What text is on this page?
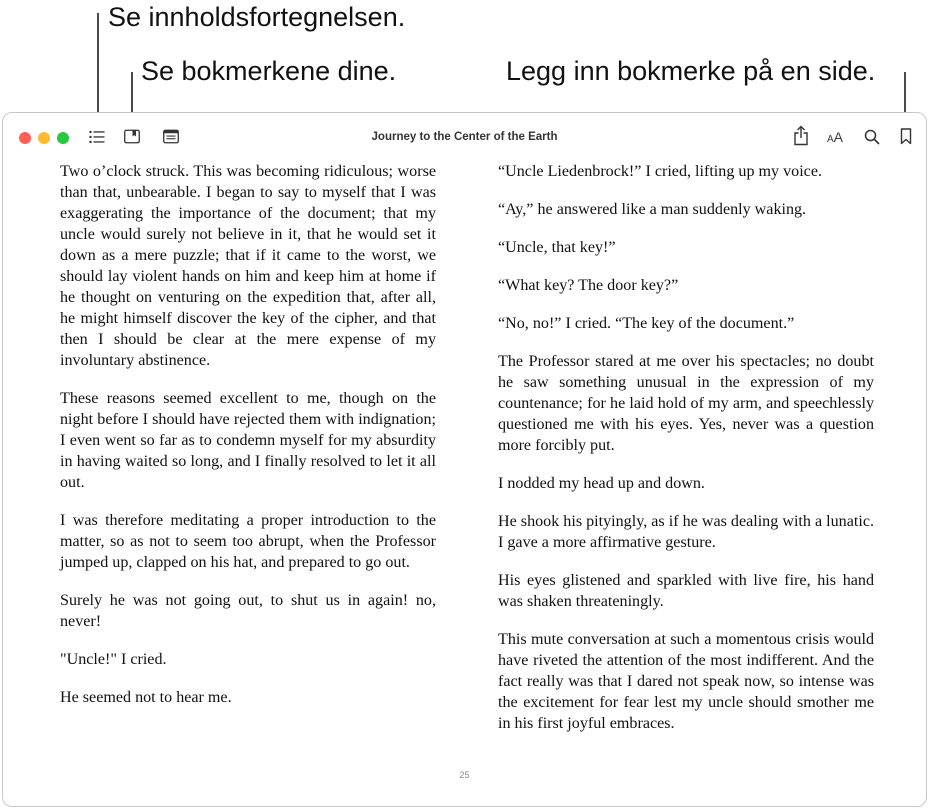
Se innholdsfortegnelsen.
Se bokmerkene dine.	Legg inn bokmerke på en side.
Journey to the Center of the Earth	AA

Two o’clock struck. This was becoming ridiculous; worse than that, unbearable. I began to say to myself that I was exaggerating the importance of the document; that my uncle would surely not believe in it, that he would set it down as a mere puzzle; that if it came to the worst, we should lay violent hands on him and keep him at home if he thought on venturing on the expedition that, after all, he might himself discover the key of the cipher, and that then I should be clear at the mere expense of my involuntary abstinence.

These reasons seemed excellent to me, though on the night before I should have rejected them with indignation; I even went so far as to condemn myself for my absurdity in having waited so long, and I finally resolved to let it all out.

I was therefore meditating a proper introduction to the matter, so as not to seem too abrupt, when the Professor jumped up, clapped on his hat, and prepared to go out.

Surely he was not going out, to shut us in again! no, never!

"Uncle!" I cried.

He seemed not to hear me.

“Uncle Liedenbrock!” I cried, lifting up my voice.

“Ay,” he answered like a man suddenly waking.

“Uncle, that key!”

“What key? The door key?”

“No, no!” I cried. “The key of the document.”

The Professor stared at me over his spectacles; no doubt he saw something unusual in the expression of my countenance; for he laid hold of my arm, and speechlessly questioned me with his eyes. Yes, never was a question more forcibly put.

I nodded my head up and down.

He shook his pityingly, as if he was dealing with a lunatic. I gave a more affirmative gesture.

His eyes glistened and sparkled with live fire, his hand was shaken threateningly.

This mute conversation at such a momentous crisis would have riveted the attention of the most indifferent. And the fact really was that I dared not speak now, so intense was the excitement for fear lest my uncle should smother me in his first joyful embraces.

25
